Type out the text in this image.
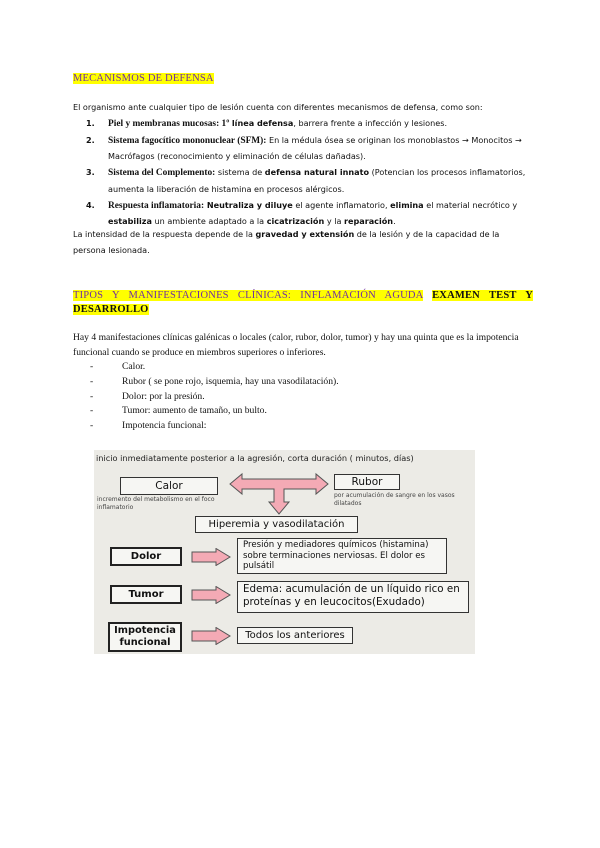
MECANISMOS DE DEFENSA

El organismo ante cualquier tipo de lesión cuenta con diferentes mecanismos de defensa, como son:

1. Piel y membranas mucosas: 1º línea defensa, barrera frente a infección y lesiones.
2. Sistema fagocítico mononuclear (SFM): En la médula ósea se originan los monoblastos → Monocitos → Macrófagos (reconocimiento y eliminación de células dañadas).
3. Sistema del Complemento: sistema de defensa natural innato (Potencian los procesos inflamatorios, aumenta la liberación de histamina en procesos alérgicos.
4. Respuesta inflamatoria: Neutraliza y diluye el agente inflamatorio, elimina el material necrótico y estabiliza un ambiente adaptado a la cicatrización y la reparación.

La intensidad de la respuesta depende de la gravedad y extensión de la lesión y de la capacidad de la persona lesionada.

TIPOS Y MANIFESTACIONES CLÍNICAS: INFLAMACIÓN AGUDA EXAMEN TEST Y DESARROLLO

Hay 4 manifestaciones clínicas galénicas o locales (calor, rubor, dolor, tumor) y hay una quinta que es la impotencia funcional cuando se produce en miembros superiores o inferiores.

- Calor.
- Rubor ( se pone rojo, isquemia, hay una vasodilatación).
- Dolor: por la presión.
- Tumor: aumento de tamaño, un bulto.
- Impotencia funcional:

inicio inmediatamente posterior a la agresión, corta duración ( minutos, días)

Calor

incremento del metabolismo en el foco inflamatorio

Rubor

por acumulación de sangre en los vasos dilatados

Hiperemia y vasodilatación
Dolor
Presión y mediadores químicos (histamina) sobre terminaciones nerviosas. El dolor es pulsátil
Tumor	Edema: acumulación de un líquido rico en proteínas y en leucocitos(Exudado)
Impotencia funcional
Todos los anteriores
